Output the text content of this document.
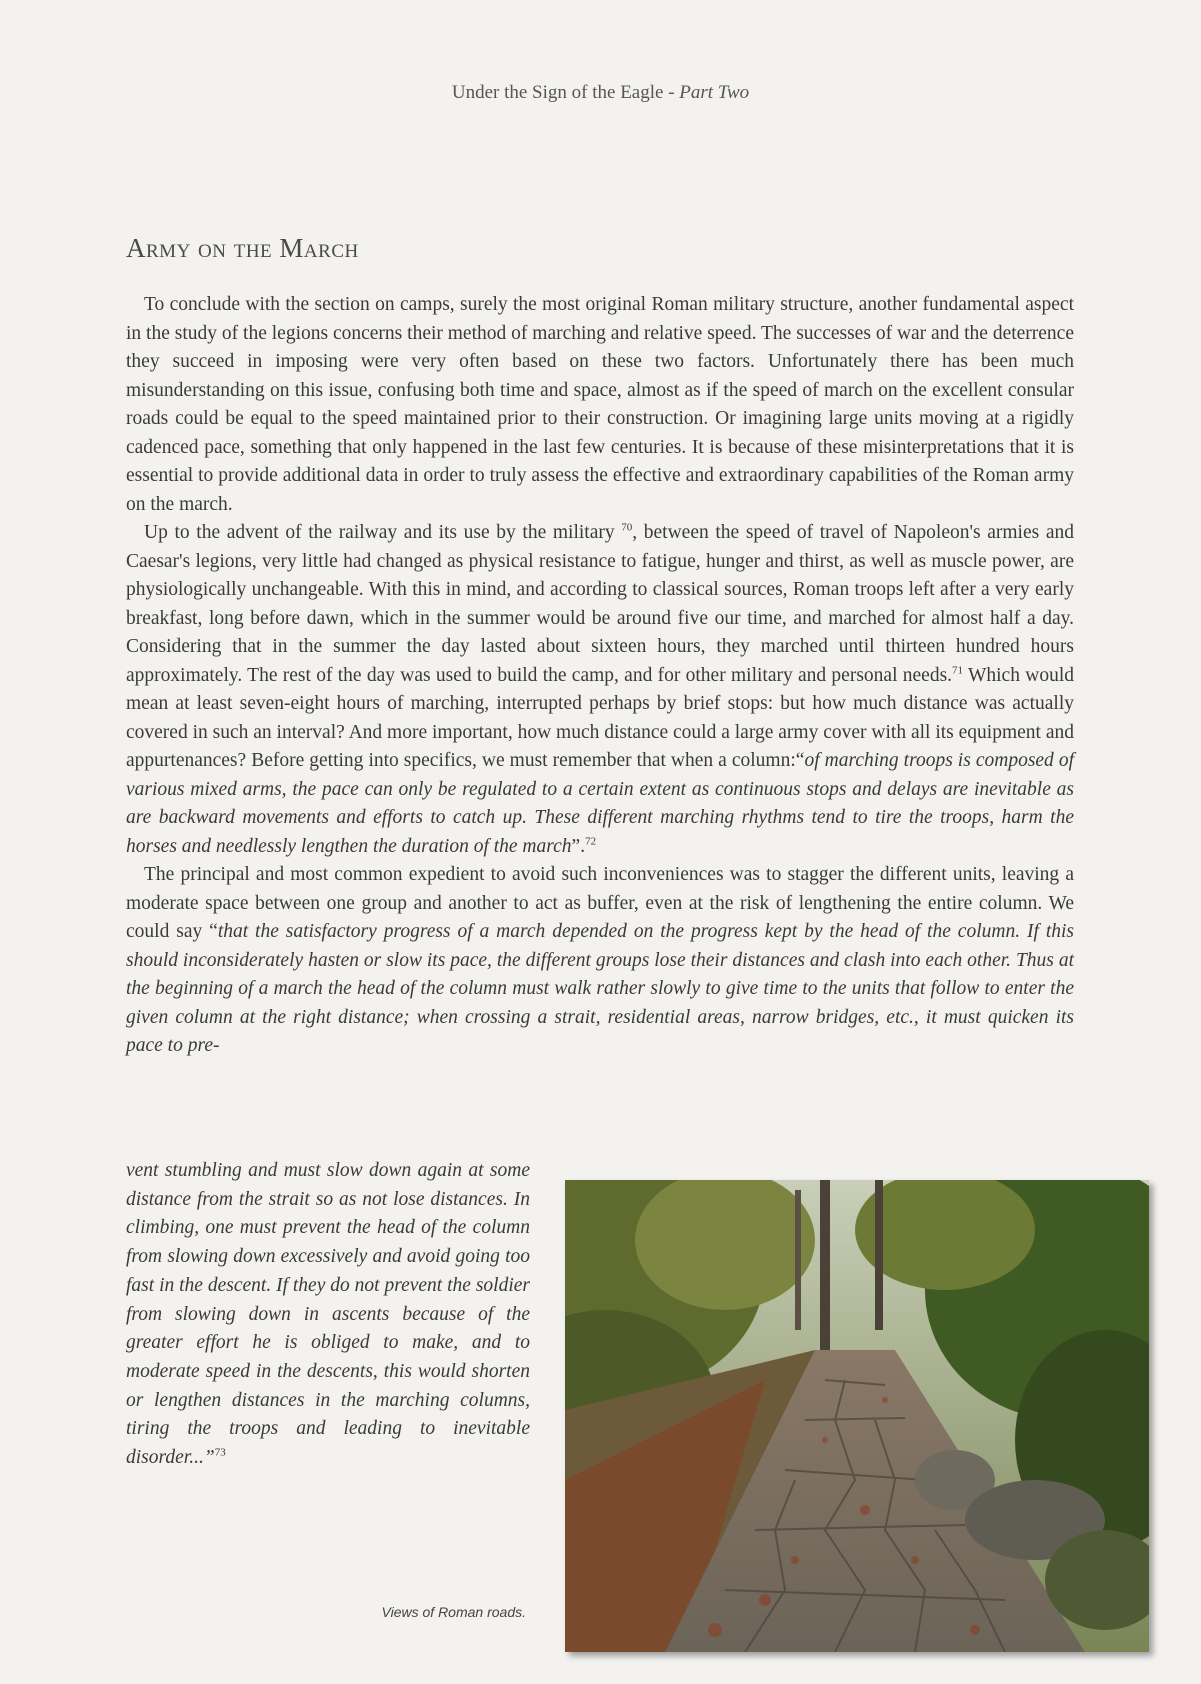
Under the Sign of the Eagle - Part Two
Army on the March

To conclude with the section on camps, surely the most original Roman military structure, another fundamental aspect in the study of the legions concerns their method of marching and relative speed. The successes of war and the deterrence they succeed in imposing were very often based on these two factors. Unfortunately there has been much misunderstanding on this issue, confusing both time and space, almost as if the speed of march on the excellent consular roads could be equal to the speed maintained prior to their construction. Or imagining large units moving at a rigidly cadenced pace, something that only happened in the last few centuries. It is because of these misinterpretations that it is essential to provide additional data in order to truly assess the effective and extraordinary capabilities of the Roman army on the march.

Up to the advent of the railway and its use by the military $^{70}$, between the speed of travel of Napoleon's armies and Caesar's legions, very little had changed as physical resistance to fatigue, hunger and thirst, as well as muscle power, are physiologically unchangeable. With this in mind, and according to classical sources, Roman troops left after a very early breakfast, long before dawn, which in the summer would be around five our time, and marched for almost half a day. Considering that in the summer the day lasted about sixteen hours, they marched until thirteen hundred hours approximately. The rest of the day was used to build the camp, and for other military and personal needs.$^{71}$ Which would mean at least seven-eight hours of marching, interrupted perhaps by brief stops: but how much distance was actually covered in such an interval? And more important, how much distance could a large army cover with all its equipment and appurtenances? Before getting into specifics, we must remember that when a column:“of marching troops is composed of various mixed arms, the pace can only be regulated to a certain extent as continuous stops and delays are inevitable as are backward movements and efforts to catch up. These different marching rhythms tend to tire the troops, harm the horses and needlessly lengthen the duration of the march”.$^{72}$

The principal and most common expedient to avoid such inconveniences was to stagger the different units, leaving a moderate space between one group and another to act as buffer, even at the risk of lengthening the entire column. We could say “that the satisfactory progress of a march depended on the progress kept by the head of the column. If this should inconsiderately hasten or slow its pace, the different groups lose their distances and clash into each other. Thus at the beginning of a march the head of the column must walk rather slowly to give time to the units that follow to enter the given column at the right distance; when crossing a strait, residential areas, narrow bridges, etc., it must quicken its pace to pre-

vent stumbling and must slow down again at some distance from the strait so as not lose distances. In climbing, one must prevent the head of the column from slowing down excessively and avoid going too fast in the descent. If they do not prevent the soldier from slowing down in ascents because of the greater effort he is obliged to make, and to moderate speed in the descents, this would shorten or lengthen distances in the marching columns, tiring the troops and leading to inevitable disorder...”$^{73}$
Views of Roman roads.
